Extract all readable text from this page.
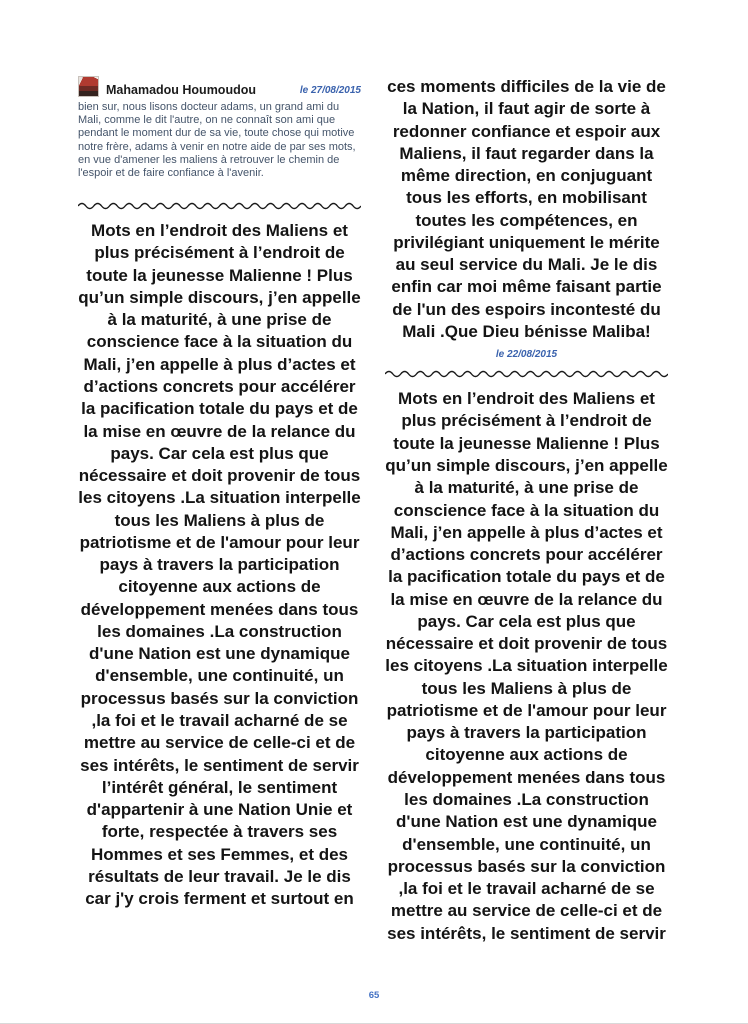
Mahamadou Houmoudou	le 27/08/2015

bien sur, nous lisons docteur adams, un grand ami du Mali, comme le dit l'autre, on ne connaît son ami que pendant le moment dur de sa vie, toute chose qui motive notre frère, adams à venir en notre aide de par ses mots, en vue d'amener les maliens à retrouver le chemin de l'espoir et de faire confiance à l'avenir.

Mots en l’endroit des Maliens et plus précisément à l’endroit de toute la jeunesse Malienne ! Plus qu’un simple discours, j’en appelle à la maturité, à une prise de conscience face à la situation du Mali, j’en appelle à plus d’actes et d’actions concrets pour accélérer la pacification totale du pays et de la mise en œuvre de la relance du pays. Car cela est plus que nécessaire et doit provenir de tous les citoyens .La situation interpelle tous les Maliens à plus de patriotisme et de l'amour pour leur pays à travers la participation citoyenne aux actions de développement menées dans tous les domaines .La construction d'une Nation est une dynamique d'ensemble, une continuité, un processus basés sur la conviction ,la foi et le travail acharné de se mettre au service de celle-ci et de ses intérêts, le sentiment de servir l’intérêt général, le sentiment d'appartenir à une Nation Unie et forte, respectée à travers ses Hommes et ses Femmes, et des résultats de leur travail. Je le dis car j'y crois ferment et surtout en

ces moments difficiles de la vie de la Nation, il faut agir de sorte à redonner confiance et espoir aux Maliens, il faut regarder dans la même direction, en conjuguant tous les efforts, en mobilisant toutes les compétences, en privilégiant uniquement le mérite au seul service du Mali. Je le dis enfin car moi même faisant partie de l'un des espoirs incontesté du Mali .Que Dieu bénisse Maliba!

le 22/08/2015

Mots en l’endroit des Maliens et plus précisément à l’endroit de toute la jeunesse Malienne ! Plus qu’un simple discours, j’en appelle à la maturité, à une prise de conscience face à la situation du Mali, j’en appelle à plus d’actes et d’actions concrets pour accélérer la pacification totale du pays et de la mise en œuvre de la relance du pays. Car cela est plus que nécessaire et doit provenir de tous les citoyens .La situation interpelle tous les Maliens à plus de patriotisme et de l'amour pour leur pays à travers la participation citoyenne aux actions de développement menées dans tous les domaines .La construction d'une Nation est une dynamique d'ensemble, une continuité, un processus basés sur la conviction ,la foi et le travail acharné de se mettre au service de celle-ci et de ses intérêts, le sentiment de servir

65
